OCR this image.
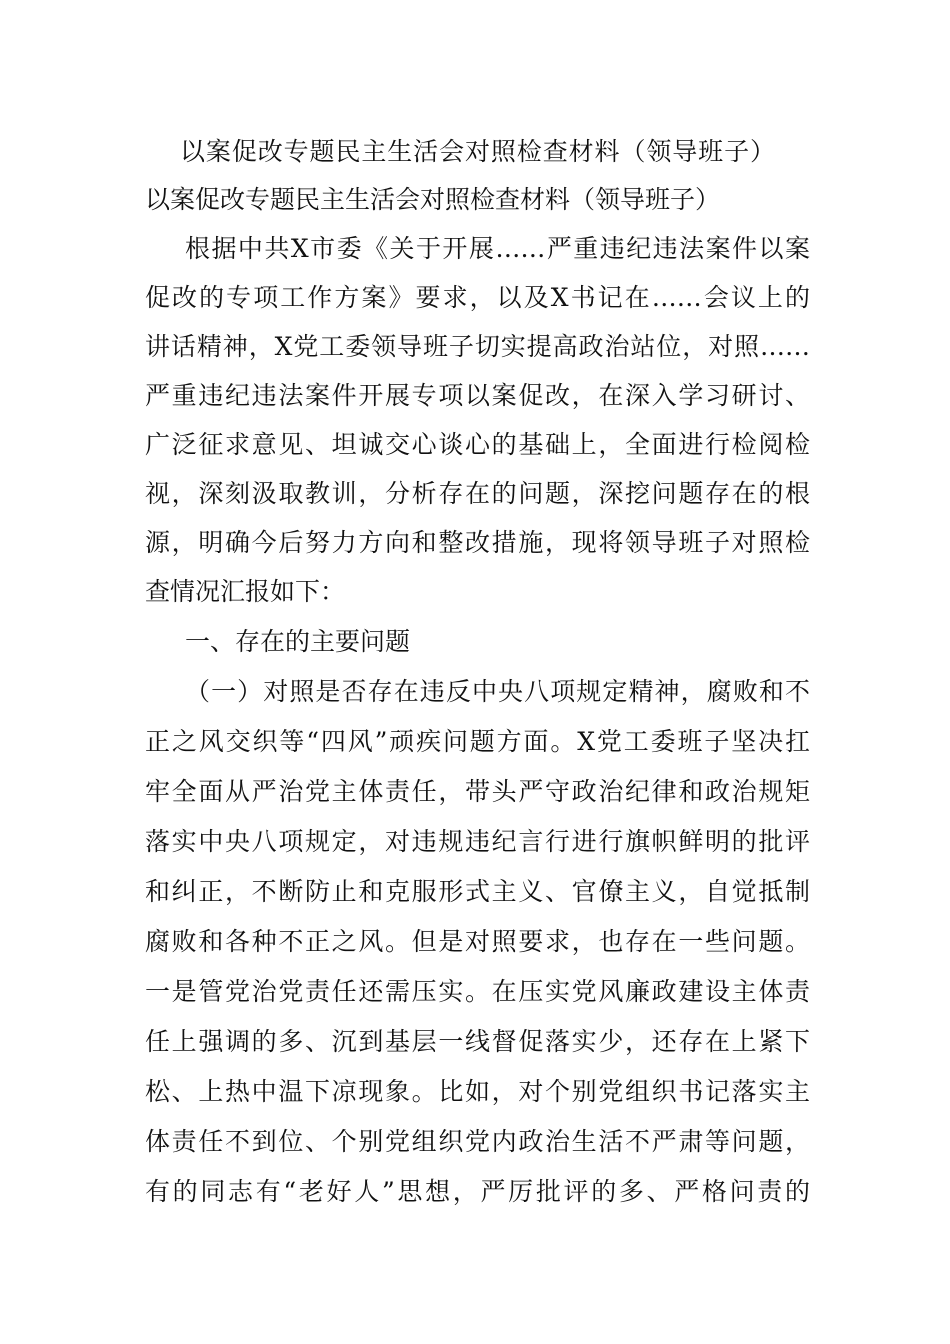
以案促改专题民主生活会对照检查材料（领导班子）
以案促改专题民主生活会对照检查材料（领导班子）
根据中共X市委《关于开展……严重违纪违法案件以案
促改的专项工作方案》要求，以及X书记在……会议上的
讲话精神，X党工委领导班子切实提高政治站位，对照……
严重违纪违法案件开展专项以案促改，在深入学习研讨、
广泛征求意见、坦诚交心谈心的基础上，全面进行检阅检
视，深刻汲取教训，分析存在的问题，深挖问题存在的根
源，明确今后努力方向和整改措施，现将领导班子对照检
查情况汇报如下：
一、存在的主要问题
（一）对照是否存在违反中央八项规定精神，腐败和不
正之风交织等“四风”顽疾问题方面。X党工委班子坚决扛
牢全面从严治党主体责任，带头严守政治纪律和政治规矩
落实中央八项规定，对违规违纪言行进行旗帜鲜明的批评
和纠正，不断防止和克服形式主义、官僚主义，自觉抵制
腐败和各种不正之风。但是对照要求，也存在一些问题。
一是管党治党责任还需压实。在压实党风廉政建设主体责
任上强调的多、沉到基层一线督促落实少，还存在上紧下
松、上热中温下凉现象。比如，对个别党组织书记落实主
体责任不到位、个别党组织党内政治生活不严肃等问题，
有的同志有“老好人”思想，严厉批评的多、严格问责的
